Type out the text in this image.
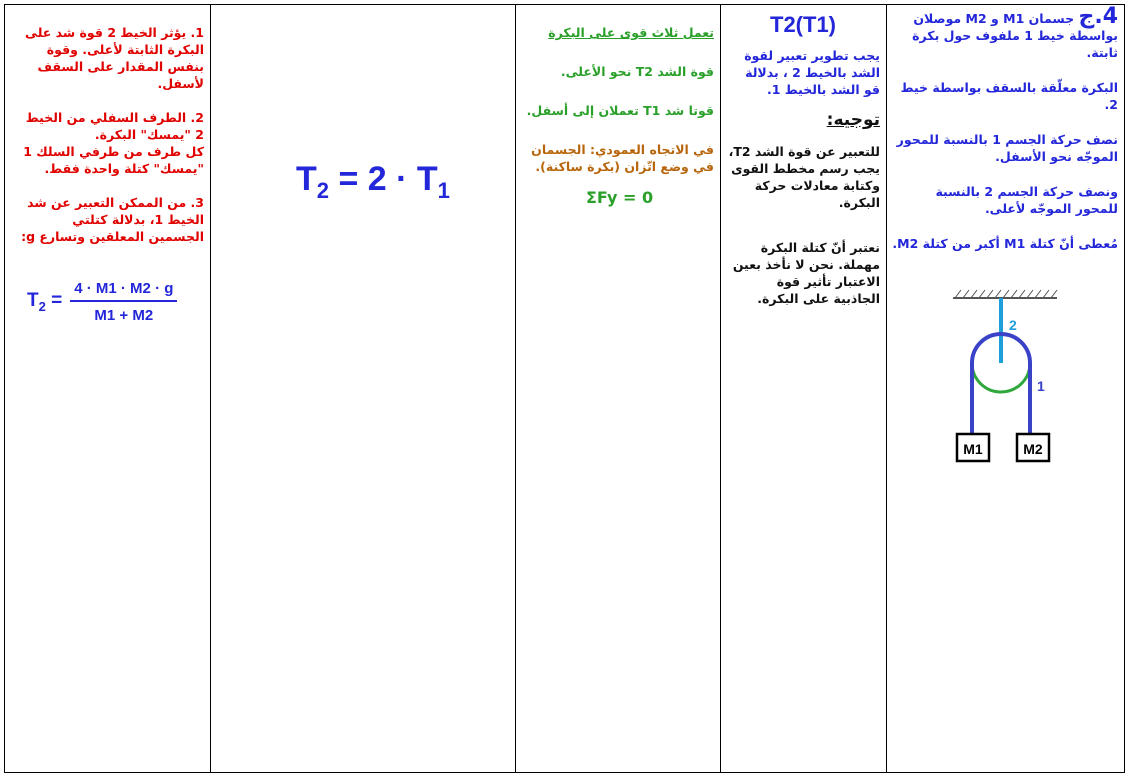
4.ج جسمان M1 و M2 موصلان بواسطة خيط 1 ملفوف حول بكرة ثابتة.

البكرة معلّقة بالسقف بواسطة خيط 2.

نصف حركة الجسم 1 بالنسبة للمحور الموجّه نحو الأسفل.

ونصف حركة الجسم 2 بالنسبة للمحور الموجّه لأعلى.

مُعطى أنّ كتلة M1 أكبر من كتلة M2.

2
1
M1	M2

T2(T1)

يجب تطوير تعبير لقوة الشد بالخيط 2 ، بدلالة قو الشد بالخيط 1.

توجيه:

للتعبير عن قوة الشد T2، يجب رسم مخطط القوى وكتابة معادلات حركة البكرة.

نعتبر أنّ كتلة البكرة مهملة. نحن لا نأخذ بعين الاعتبار تأثير قوة الجاذبية على البكرة.

تعمل ثلاث قوى على البكرة

قوة الشد T2 نحو الأعلى.

قوتا شد T1 تعملان إلى أسفل.

في الاتجاه العمودي: الجسمان في وضع اتّزان (بكرة ساكنة).

ΣFy = 0

$T_2 = 2 \cdot T_1$

1. يؤثر الخيط 2 قوة شد على البكرة الثابتة لأعلى. وقوة بنفس المقدار على السقف لأسفل.

2. الطرف السفلي من الخيط 2 "يمسك" البكرة.

كل طرف من طرفي السلك 1 "يمسك" كتلة واحدة فقط.

3. من الممكن التعبير عن شد الخيط 1، بدلالة كتلتي الجسمين المعلقين وتسارع g:

$T_2 = \frac{4 \cdot M1 \cdot M2 \cdot g}{M1 + M2}$
